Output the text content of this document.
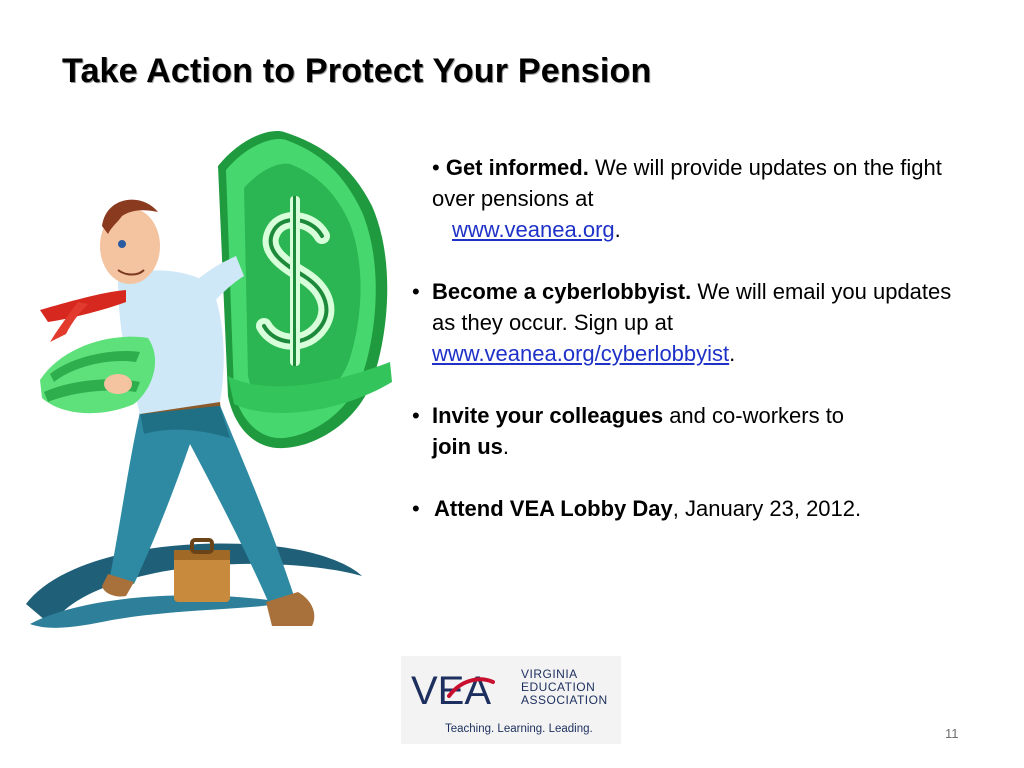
Take Action to Protect Your Pension
• Get informed. We will provide updates on the fight over pensions at
www.veanea.org.
• Become a cyberlobbyist. We will email you updates as they occur. Sign up at
www.veanea.org/cyberlobbyist.
• Invite your colleagues and co-workers to
join us.
• Attend VEA Lobby Day, January 23, 2012.
VEA VIRGINIA
EDUCATION
ASSOCIATION
Teaching. Learning. Leading.	11
